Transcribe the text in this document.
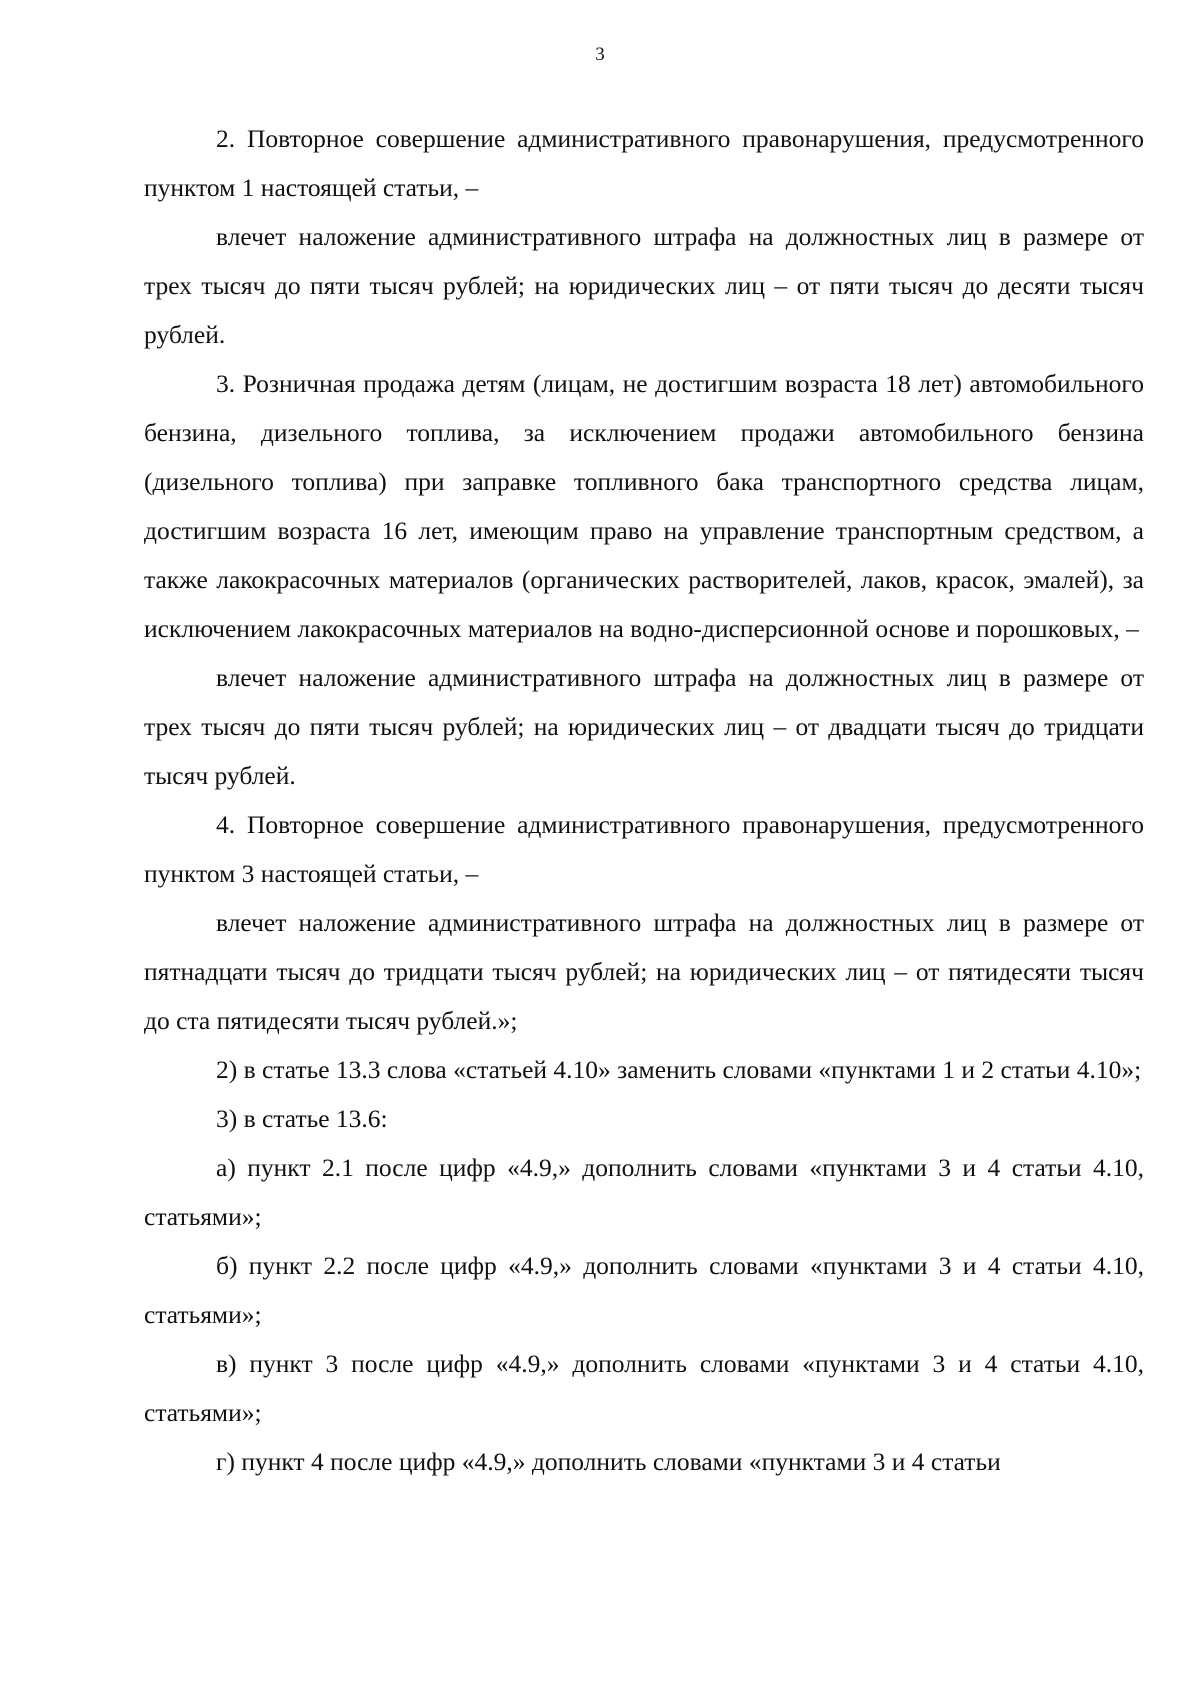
3

2. Повторное совершение административного правонарушения, предусмотренного пунктом 1 настоящей статьи, –

влечет наложение административного штрафа на должностных лиц в размере от трех тысяч до пяти тысяч рублей; на юридических лиц – от пяти тысяч до десяти тысяч рублей.

3. Розничная продажа детям (лицам, не достигшим возраста 18 лет) автомобильного бензина, дизельного топлива, за исключением продажи автомобильного бензина (дизельного топлива) при заправке топливного бака транспортного средства лицам, достигшим возраста 16 лет, имеющим право на управление транспортным средством, а также лакокрасочных материалов (органических растворителей, лаков, красок, эмалей), за исключением лакокрасочных материалов на водно-дисперсионной основе и порошковых, –

влечет наложение административного штрафа на должностных лиц в размере от трех тысяч до пяти тысяч рублей; на юридических лиц – от двадцати тысяч до тридцати тысяч рублей.

4. Повторное совершение административного правонарушения, предусмотренного пунктом 3 настоящей статьи, –

влечет наложение административного штрафа на должностных лиц в размере от пятнадцати тысяч до тридцати тысяч рублей; на юридических лиц – от пятидесяти тысяч до ста пятидесяти тысяч рублей.»;

2) в статье 13.3 слова «статьей 4.10» заменить словами «пунктами 1 и 2 статьи 4.10»;

3) в статье 13.6:

а) пункт 2.1 после цифр «4.9,» дополнить словами «пунктами 3 и 4 статьи 4.10, статьями»;

б) пункт 2.2 после цифр «4.9,» дополнить словами «пунктами 3 и 4 статьи 4.10, статьями»;

в) пункт 3 после цифр «4.9,» дополнить словами «пунктами 3 и 4 статьи 4.10, статьями»;

г) пункт 4 после цифр «4.9,» дополнить словами «пунктами 3 и 4 статьи
